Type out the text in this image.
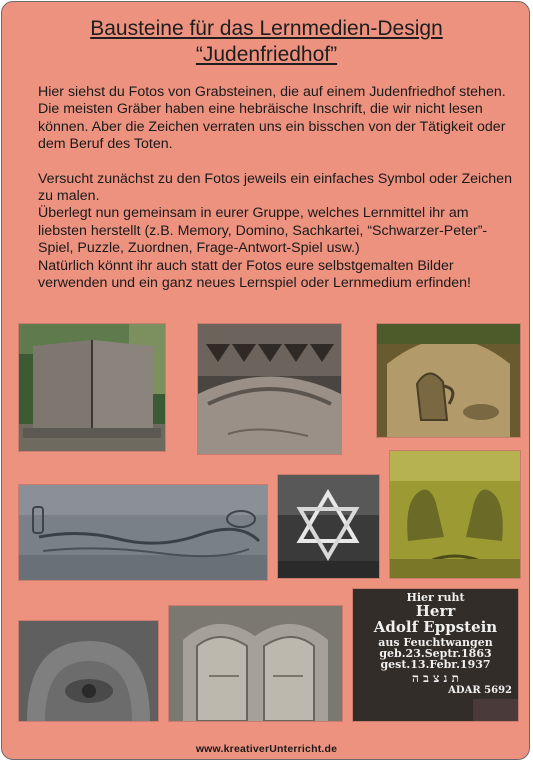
Bausteine für das Lernmedien-Design
“Judenfriedhof”

Hier siehst du Fotos von Grabsteinen, die auf einem Judenfriedhof stehen. Die meisten Gräber haben eine hebräische Inschrift, die wir nicht lesen können. Aber die Zeichen verraten uns ein bisschen von der Tätigkeit oder dem Beruf des Toten.

Versucht zunächst zu den Fotos jeweils ein einfaches Symbol oder Zeichen zu malen.

Überlegt nun gemeinsam in eurer Gruppe, welches Lernmittel ihr am liebsten herstellt (z.B. Memory, Domino, Sachkartei, “Schwarzer-Peter”-Spiel, Puzzle, Zuordnen, Frage-Antwort-Spiel usw.)

Natürlich könnt ihr auch statt der Fotos eure selbstgemalten Bilder verwenden und ein ganz neues Lernspiel oder Lernmedium erfinden!

Hier ruht
Herr
Adolf Eppstein
aus Feuchtwangen
geb.23.Septr.1863
gest.13.Febr.1937
ת נ צ ב ה
ADAR 5692
www.kreativerUnterricht.de
